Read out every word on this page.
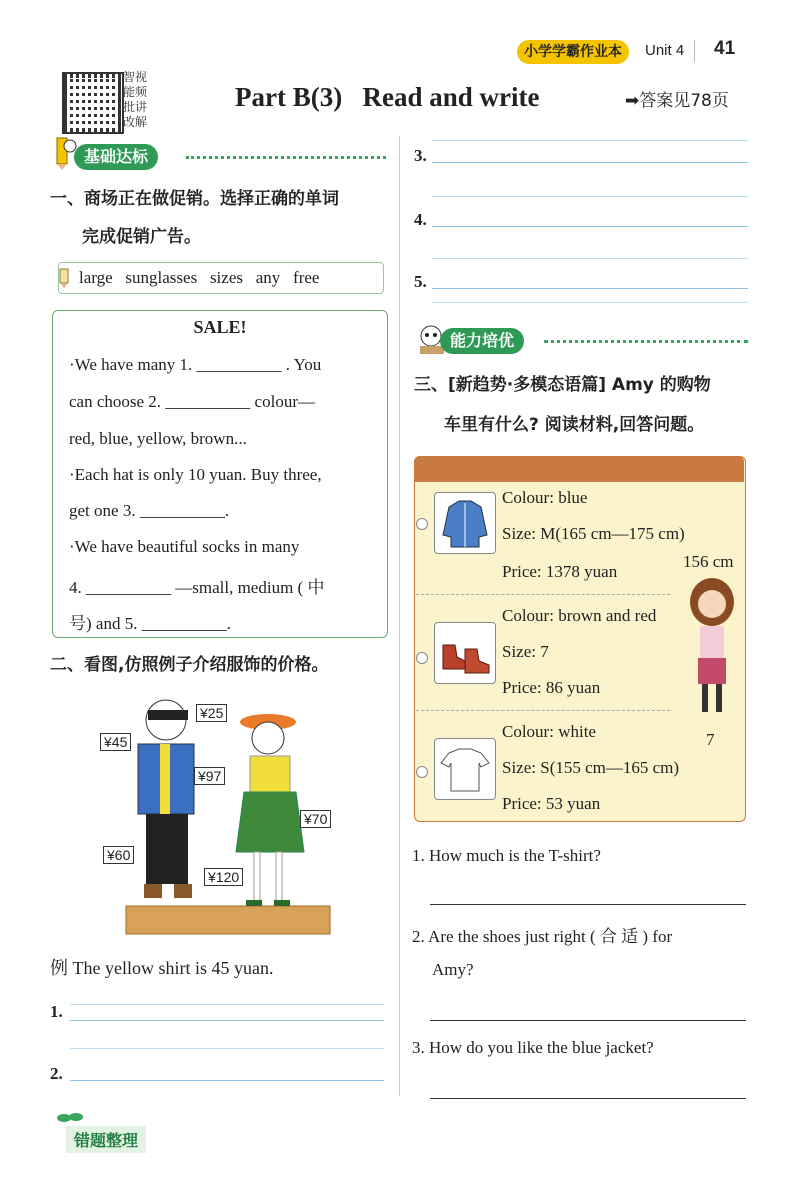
小学学霸作业本	Unit 4 41
智视能频批讲改解
Part B(3)   Read and write	➡答案见78页
基础达标
一、商场正在做促销。选择正确的单词
完成促销广告。
large   sunglasses   sizes   any   free
SALE!
·We have many 1. __________ . You
can choose 2. __________ colour—
red, blue, yellow, brown...
·Each hat is only 10 yuan. Buy three,
get one 3. __________.
·We have beautiful socks in many
4. __________ —small, medium ( 中
号) and 5. __________.
二、看图,仿照例子介绍服饰的价格。
¥25
¥45
¥97
¥70
¥60
¥120
例 The yellow shirt is 45 yuan.
1.
2.
3.
4.
5.
能力培优
三、[新趋势·多模态语篇] Amy 的购物
车里有什么? 阅读材料,回答问题。
Colour: blue
Size: M(165 cm—175 cm)
Price: 1378 yuan
Colour: brown and red
Size: 7
Price: 86 yuan
Colour: white
Size: S(155 cm—165 cm)
Price: 53 yuan
156 cm
7
1. How much is the T-shirt?
2. Are the shoes just right ( 合 适 ) for
Amy?
3. How do you like the blue jacket?
错题整理
